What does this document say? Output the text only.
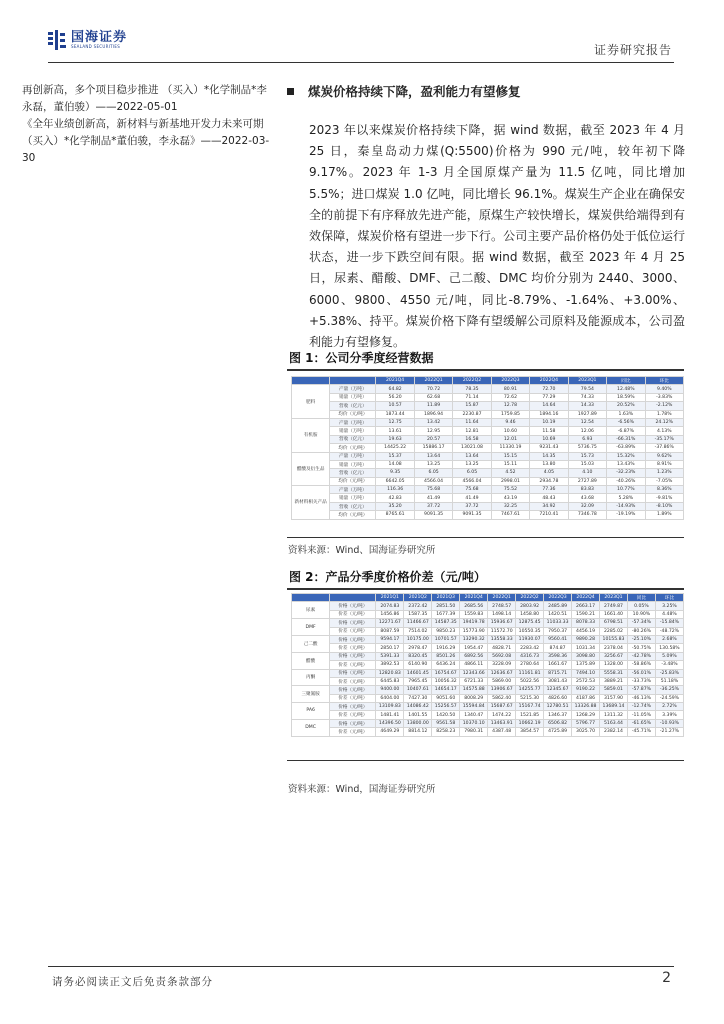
国海证券
SEALAND SECURITIES	证券研究报告

再创新高，多个项目稳步推进 （买入）*化学制品*李永磊，董伯骏）——2022-05-01

《全年业绩创新高，新材料与新基地开发力未来可期（买入）*化学制品*董伯骏，李永磊》——2022-03-30

煤炭价格持续下降，盈利能力有望修复

2023 年以来煤炭价格持续下降，据 wind 数据，截至 2023 年 4 月 25 日，秦皇岛动力煤(Q:5500)价格为 990 元/吨，较年初下降 9.17%。2023 年 1-3 月全国原煤产量为 11.5 亿吨，同比增加 5.5%；进口煤炭 1.0 亿吨，同比增长 96.1%。煤炭生产企业在确保安全的前提下有序释放先进产能，原煤生产较快增长，煤炭供给端得到有效保障，煤炭价格有望进一步下行。公司主要产品价格仍处于低位运行状态，进一步下跌空间有限。据 wind 数据，截至 2023 年 4 月 25 日，尿素、醋酸、DMF、己二酸、DMC 均价分别为 2440、3000、6000、9800、4550 元/吨，同比-8.79%、-1.64%、+3.00%、+5.38%、持平。煤炭价格下降有望缓解公司原料及能源成本，公司盈利能力有望修复。

图 1：公司分季度经营数据
		2021Q4	2022Q1	2022Q2	2022Q3	2022Q4	2023Q1	同比	环比
肥料	产量（万吨）	64.82	70.72	78.35	80.91	72.70	79.54	12.48%	9.40%
	销量（万吨）	56.20	62.68	71.14	72.62	77.29	74.33	18.59%	-3.83%
	营收（亿元）	10.57	11.89	15.87	12.78	14.64	14.33	20.52%	-2.12%
	均价（元/吨）	1873.44	1896.94	2230.87	1759.85	1894.16	1927.89	1.63%	1.78%
有机胺	产量（万吨）	12.75	13.42	11.64	9.46	10.19	12.54	-6.56%	24.12%
	销量（万吨）	13.61	12.95	12.81	10.60	11.58	12.06	-6.87%	4.13%
	营收（亿元）	19.63	20.57	16.58	12.01	10.69	6.93	-66.31%	-35.17%
	均价（元/吨）	14425.22	15886.17	13021.08	11330.19	9231.43	5736.75	-63.89%	-37.86%
醋酸及衍生品	产量（万吨）	15.37	13.64	13.64	15.15	14.35	15.73	15.32%	9.62%
	销量（万吨）	14.08	13.25	13.25	15.11	13.80	15.03	13.43%	8.91%
	营收（亿元）	9.35	6.05	6.05	4.52	4.05	4.10	-32.23%	1.23%
	均价（元/吨）	6642.05	4566.04	4566.04	2998.01	2934.78	2727.89	-40.26%	-7.05%
新材料相关产品	产量（万吨）	116.36	75.68	75.68	75.52	77.36	83.83	10.77%	8.36%
	销量（万吨）	42.83	41.49	41.49	43.19	48.43	43.68	5.28%	-9.81%
	营收（亿元）	35.20	37.72	37.72	32.25	34.92	32.09	-14.93%	-8.10%
	均价（元/吨）	8765.61	9091.35	9091.35	7467.61	7210.41	7346.78	-19.19%	1.89%
资料来源：Wind、国海证券研究所
图 2：产品分季度价格价差（元/吨）
		2021Q1	2021Q2	2021Q3	2021Q4	2022Q1	2022Q2	2022Q3	2022Q4	2023Q1	同比	环比
尿素	价格（元/吨）	2074.83	2372.42	2851.50	2685.56	2748.57	2803.92	2485.89	2663.17	2749.87	0.05%	3.25%
	价差（元/吨）	1456.86	1587.35	1677.39	1559.83	1498.14	1458.80	1420.51	1590.21	1661.40	10.90%	4.48%
DMF	价格（元/吨）	12271.67	11466.67	14587.35	19419.78	15936.67	12875.45	11033.33	8078.33	6798.51	-57.34%	-15.84%
	价差（元/吨）	8087.59	7514.02	9850.23	15773.90	11572.70	10550.35	7950.37	4456.19	2285.02	-80.26%	-48.72%
己二酸	价格（元/吨）	9594.17	10175.00	10701.57	13290.32	13558.33	11930.07	9560.41	9890.28	10155.83	-25.10%	2.68%
	价差（元/吨）	2850.17	2978.47	1916.29	1954.47	4828.71	2283.42	874.87	1031.34	2378.04	-50.75%	130.58%
醋酸	价格（元/吨）	5391.33	8320.45	8501.26	6892.56	5692.08	4316.73	3598.36	3098.80	3256.67	-42.78%	5.09%
	价差（元/吨）	3892.53	6140.90	6436.24	4866.11	3228.09	2780.64	1661.67	1375.89	1328.00	-58.86%	-3.48%
丙酮	价格（元/吨）	12820.83	14601.45	16754.67	12343.66	12636.67	11161.81	8715.71	7494.10	5558.31	-56.01%	-25.83%
	价差（元/吨）	6445.83	7965.45	10056.32	6721.33	5869.00	5022.56	3081.43	2572.53	3889.21	-33.73%	51.18%
三聚氰胺	价格（元/吨）	9400.00	10407.61	14654.17	14575.88	13906.67	14255.77	12345.67	9190.22	5859.01	-57.87%	-36.25%
	价差（元/吨）	6404.00	7427.30	9051.60	8008.29	5862.40	5215.30	4826.60	4187.86	3157.90	-46.13%	-24.59%
PA6	价格（元/吨）	13109.83	14086.42	15256.57	15594.84	15687.67	15167.74	12780.51	13326.88	13689.14	-12.74%	2.72%
	价差（元/吨）	1481.41	1401.55	1420.50	1340.47	1474.22	1521.85	1346.37	1268.29	1311.32	-11.05%	3.39%
DMC	价格（元/吨）	14396.50	13800.00	9561.58	10370.10	13463.91	10662.19	6506.82	5796.77	5163.44	-61.65%	-10.93%
	价差（元/吨）	4649.29	8814.12	8258.23	7980.31	4387.48	3854.57	4725.89	3025.70	2382.14	-45.71%	-21.27%
资料来源：Wind，国海证券研究所
请务必阅读正文后免责条款部分	2
